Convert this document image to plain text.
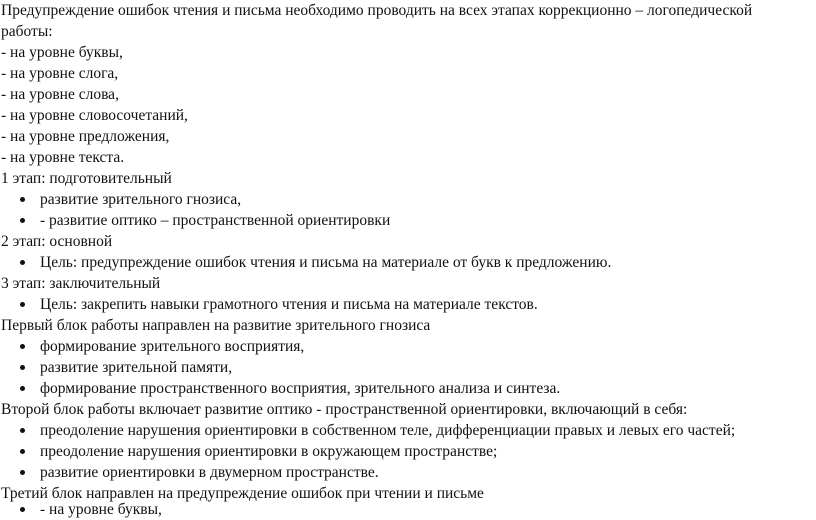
Предупреждение ошибок чтения и письма необходимо проводить на всех этапах коррекционно – логопедической
работы:
- на уровне буквы,
- на уровне слога,
- на уровне слова,
- на уровне словосочетаний,
- на уровне предложения,
- на уровне текста.
1 этап: подготовительный
развитие зрительного гнозиса,
- развитие оптико – пространственной ориентировки
2 этап: основной
Цель: предупреждение ошибок чтения и письма на материале от букв к предложению.
3 этап: заключительный
Цель: закрепить навыки грамотного чтения и письма на материале текстов.
Первый блок работы направлен на развитие зрительного гнозиса
формирование зрительного восприятия,
развитие зрительной памяти,
формирование пространственного восприятия, зрительного анализа и синтеза.
Второй блок работы включает развитие оптико - пространственной ориентировки, включающий в себя:
преодоление нарушения ориентировки в собственном теле, дифференциации правых и левых его частей;
преодоление нарушения ориентировки в окружающем пространстве;
развитие ориентировки в двумерном пространстве.
Третий блок направлен на предупреждение ошибок при чтении и письме
- на уровне буквы,
